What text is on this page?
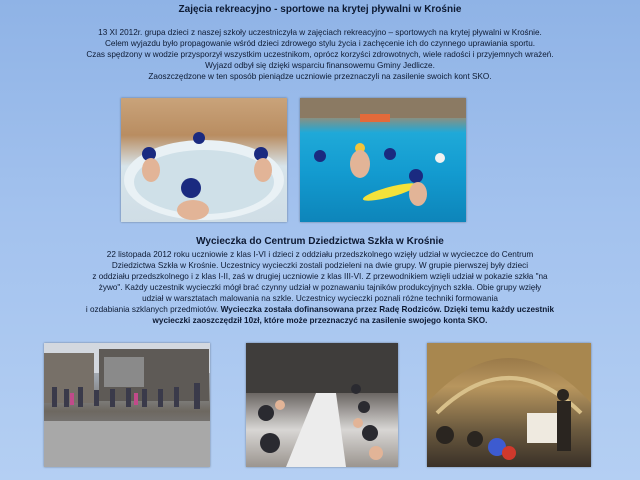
Zajęcia rekreacyjno - sportowe na krytej pływalni w Krośnie
13 XI 2012r. grupa dzieci z naszej szkoły uczestniczyła w zajęciach rekreacyjno – sportowych na krytej pływalni w Krośnie.
Celem wyjazdu było propagowanie wśród dzieci zdrowego stylu życia i zachęcenie ich do czynnego uprawiania sportu.
Czas spędzony w wodzie przysporzył wszystkim uczestnikom, oprócz korzyści zdrowotnych, wiele radości i przyjemnych wrażeń.
Wyjazd odbył się dzięki wsparciu finansowemu Gminy Jedlicze.
Zaoszczędzone w ten sposób pieniądze uczniowie przeznaczyli na zasilenie swoich kont SKO.
Wycieczka do Centrum Dziedzictwa Szkła w Krośnie
22 listopada 2012 roku uczniowie z klas I-VI i dzieci z oddziału przedszkolnego wzięły udział w wycieczce do Centrum
Dziedzictwa Szkła w Krośnie. Uczestnicy wycieczki zostali podzieleni na dwie grupy. W grupie pierwszej były dzieci
z oddziału przedszkolnego i z klas I-II, zaś w drugiej uczniowie z klas III-VI. Z przewodnikiem wzięli udział w pokazie szkła "na
żywo". Każdy uczestnik wycieczki mógł brać czynny udział w poznawaniu tajników produkcyjnych szkła. Obie grupy wzięły
udział w warsztatach malowania na szkle. Uczestnicy wycieczki poznali różne techniki formowania
i ozdabiania szklanych przedmiotów. Wycieczka została dofinansowana przez Radę Rodziców. Dzięki temu każdy uczestnik
wycieczki zaoszczędził 10zł, które może przeznaczyć na zasilenie swojego konta SKO.
